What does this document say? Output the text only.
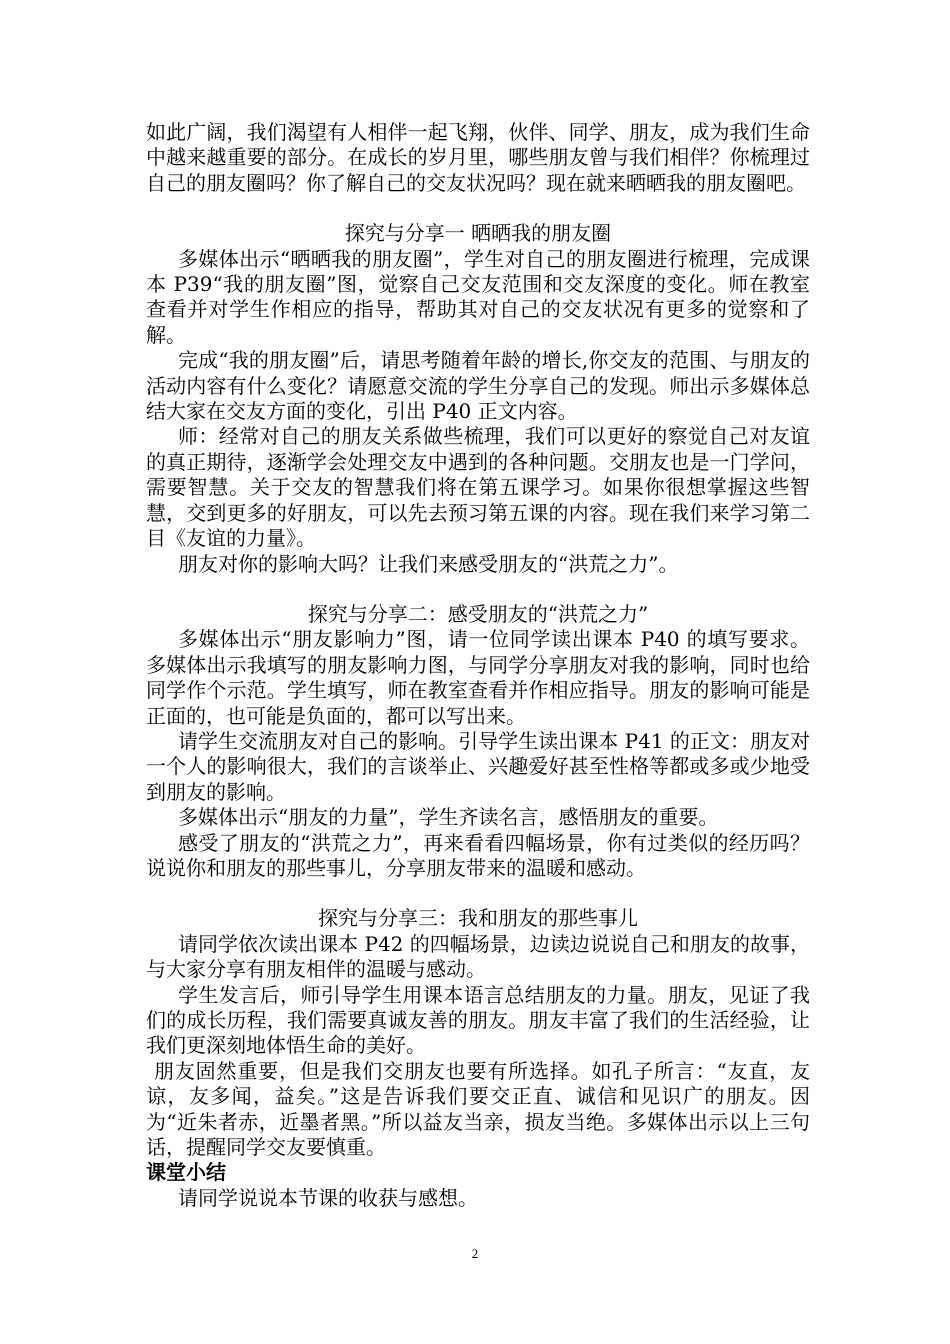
如此广阔，我们渴望有人相伴一起飞翔，伙伴、同学、朋友，成为我们生命中越来越重要的部分。在成长的岁月里，哪些朋友曾与我们相伴？你梳理过自己的朋友圈吗？你了解自己的交友状况吗？现在就来晒晒我的朋友圈吧。

探究与分享一 晒晒我的朋友圈

多媒体出示“晒晒我的朋友圈”，学生对自己的朋友圈进行梳理，完成课本 P39“我的朋友圈”图，觉察自己交友范围和交友深度的变化。师在教室查看并对学生作相应的指导，帮助其对自己的交友状况有更多的觉察和了解。

完成“我的朋友圈”后，请思考随着年龄的增长,你交友的范围、与朋友的活动内容有什么变化？请愿意交流的学生分享自己的发现。师出示多媒体总结大家在交友方面的变化，引出 P40 正文内容。

师：经常对自己的朋友关系做些梳理，我们可以更好的察觉自己对友谊的真正期待，逐渐学会处理交友中遇到的各种问题。交朋友也是一门学问，需要智慧。关于交友的智慧我们将在第五课学习。如果你很想掌握这些智慧，交到更多的好朋友，可以先去预习第五课的内容。现在我们来学习第二目《友谊的力量》。

朋友对你的影响大吗？让我们来感受朋友的“洪荒之力”。

探究与分享二：感受朋友的“洪荒之力”

多媒体出示“朋友影响力”图，请一位同学读出课本 P40 的填写要求。多媒体出示我填写的朋友影响力图，与同学分享朋友对我的影响，同时也给同学作个示范。学生填写，师在教室查看并作相应指导。朋友的影响可能是正面的，也可能是负面的，都可以写出来。

请学生交流朋友对自己的影响。引导学生读出课本 P41 的正文：朋友对一个人的影响很大，我们的言谈举止、兴趣爱好甚至性格等都或多或少地受到朋友的影响。

多媒体出示“朋友的力量”，学生齐读名言，感悟朋友的重要。

感受了朋友的“洪荒之力”，再来看看四幅场景，你有过类似的经历吗？说说你和朋友的那些事儿，分享朋友带来的温暖和感动。

探究与分享三：我和朋友的那些事儿

请同学依次读出课本 P42 的四幅场景，边读边说说自己和朋友的故事，与大家分享有朋友相伴的温暖与感动。

学生发言后，师引导学生用课本语言总结朋友的力量。朋友，见证了我们的成长历程，我们需要真诚友善的朋友。朋友丰富了我们的生活经验，让我们更深刻地体悟生命的美好。

朋友固然重要，但是我们交朋友也要有所选择。如孔子所言：“友直，友谅，友多闻，益矣。”这是告诉我们要交正直、诚信和见识广的朋友。因为“近朱者赤，近墨者黑。”所以益友当亲，损友当绝。多媒体出示以上三句话，提醒同学交友要慎重。

课堂小结

请同学说说本节课的收获与感想。

2
